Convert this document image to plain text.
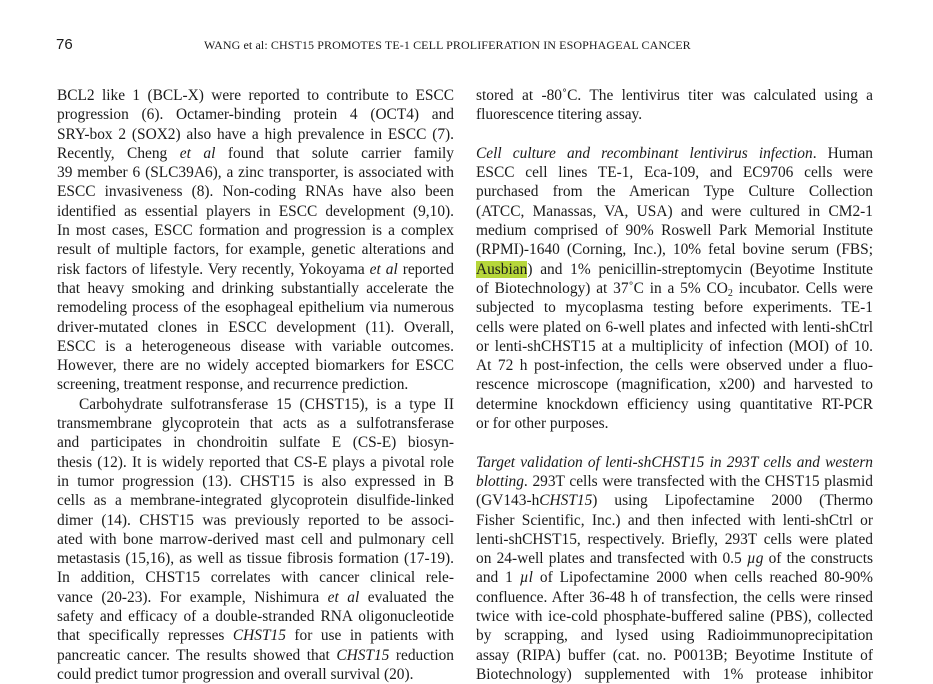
76	WANG et al: CHST15 PROMOTES TE-1 CELL PROLIFERATION IN ESOPHAGEAL CANCER
BCL2 like 1 (BCL-X) were reported to contribute to ESCC
progression (6). Octamer-binding protein 4 (OCT4) and
SRY-box 2 (SOX2) also have a high prevalence in ESCC (7).
Recently, Cheng et al found that solute carrier family
39 member 6 (SLC39A6), a zinc transporter, is associated with
ESCC invasiveness (8). Non-coding RNAs have also been
identified as essential players in ESCC development (9,10).
In most cases, ESCC formation and progression is a complex
result of multiple factors, for example, genetic alterations and
risk factors of lifestyle. Very recently, Yokoyama et al reported
that heavy smoking and drinking substantially accelerate the
remodeling process of the esophageal epithelium via numerous
driver-mutated clones in ESCC development (11). Overall,
ESCC is a heterogeneous disease with variable outcomes.
However, there are no widely accepted biomarkers for ESCC
screening, treatment response, and recurrence prediction.
Carbohydrate sulfotransferase 15 (CHST15), is a type II
transmembrane glycoprotein that acts as a sulfotransferase
and participates in chondroitin sulfate E (CS-E) biosyn-
thesis (12). It is widely reported that CS-E plays a pivotal role
in tumor progression (13). CHST15 is also expressed in B
cells as a membrane-integrated glycoprotein disulfide-linked
dimer (14). CHST15 was previously reported to be associ-
ated with bone marrow-derived mast cell and pulmonary cell
metastasis (15,16), as well as tissue fibrosis formation (17-19).
In addition, CHST15 correlates with cancer clinical rele-
vance (20-23). For example, Nishimura et al evaluated the
safety and efficacy of a double-stranded RNA oligonucleotide
that specifically represses CHST15 for use in patients with
pancreatic cancer. The results showed that CHST15 reduction
could predict tumor progression and overall survival (20).
stored at -80˚C. The lentivirus titer was calculated using a
fluorescence titering assay.
Cell culture and recombinant lentivirus infection. Human
ESCC cell lines TE-1, Eca-109, and EC9706 cells were
purchased from the American Type Culture Collection
(ATCC, Manassas, VA, USA) and were cultured in CM2-1
medium comprised of 90% Roswell Park Memorial Institute
(RPMI)-1640 (Corning, Inc.), 10% fetal bovine serum (FBS;
Ausbian) and 1% penicillin-streptomycin (Beyotime Institute
of Biotechnology) at 37˚C in a 5% $CO_2$ incubator. Cells were
subjected to mycoplasma testing before experiments. TE-1
cells were plated on 6-well plates and infected with lenti-shCtrl
or lenti-shCHST15 at a multiplicity of infection (MOI) of 10.
At 72 h post-infection, the cells were observed under a fluo-
rescence microscope (magnification, x200) and harvested to
determine knockdown efficiency using quantitative RT-PCR
or for other purposes.
Target validation of lenti-shCHST15 in 293T cells and western
blotting. 293T cells were transfected with the CHST15 plasmid
(GV143-hCHST15) using Lipofectamine 2000 (Thermo
Fisher Scientific, Inc.) and then infected with lenti-shCtrl or
lenti-shCHST15, respectively. Briefly, 293T cells were plated
on 24-well plates and transfected with 0.5 µg of the constructs
and 1 µl of Lipofectamine 2000 when cells reached 80-90%
confluence. After 36-48 h of transfection, the cells were rinsed
twice with ice-cold phosphate-buffered saline (PBS), collected
by scrapping, and lysed using Radioimmunoprecipitation
assay (RIPA) buffer (cat. no. P0013B; Beyotime Institute of
Biotechnology) supplemented with 1% protease inhibitor
